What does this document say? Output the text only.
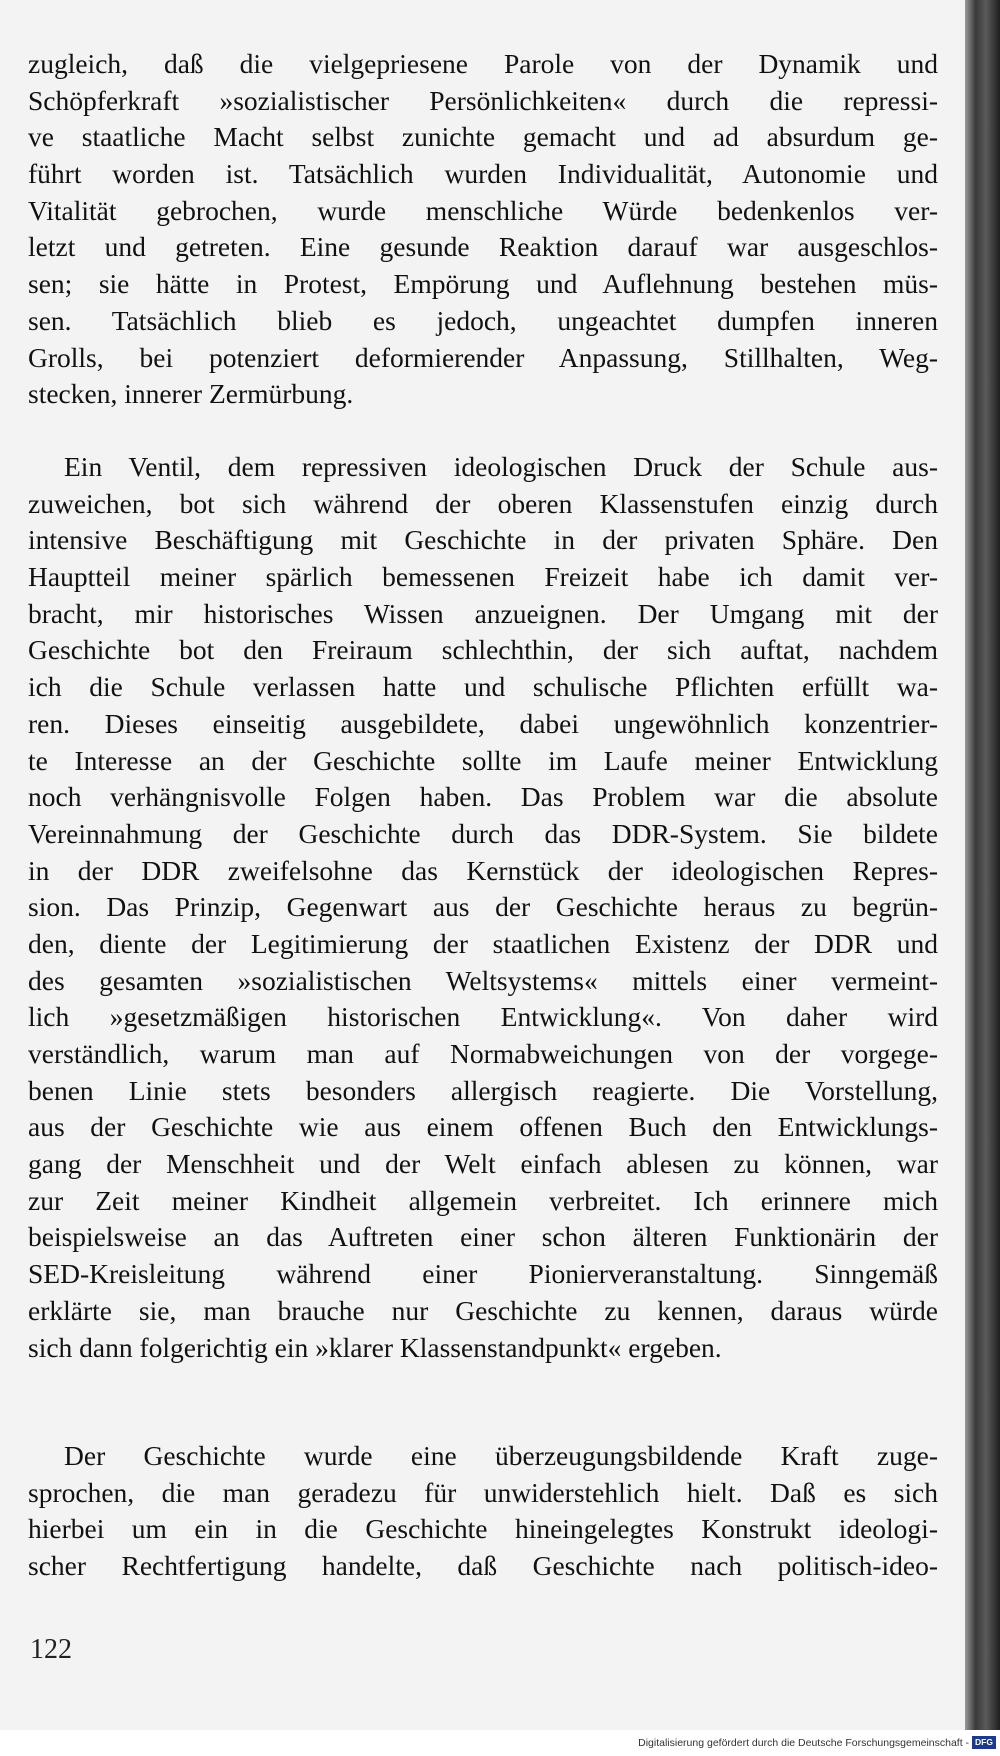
zugleich, daß die vielgepriesene Parole von der Dynamik und
Schöpferkraft »sozialistischer Persönlichkeiten« durch die repressi-
ve staatliche Macht selbst zunichte gemacht und ad absurdum ge-
führt worden ist. Tatsächlich wurden Individualität, Autonomie und
Vitalität gebrochen, wurde menschliche Würde bedenkenlos ver-
letzt und getreten. Eine gesunde Reaktion darauf war ausgeschlos-
sen; sie hätte in Protest, Empörung und Auflehnung bestehen müs-
sen. Tatsächlich blieb es jedoch, ungeachtet dumpfen inneren
Grolls, bei potenziert deformierender Anpassung, Stillhalten, Weg-
stecken, innerer Zermürbung.
Ein Ventil, dem repressiven ideologischen Druck der Schule aus-
zuweichen, bot sich während der oberen Klassenstufen einzig durch
intensive Beschäftigung mit Geschichte in der privaten Sphäre. Den
Hauptteil meiner spärlich bemessenen Freizeit habe ich damit ver-
bracht, mir historisches Wissen anzueignen. Der Umgang mit der
Geschichte bot den Freiraum schlechthin, der sich auftat, nachdem
ich die Schule verlassen hatte und schulische Pflichten erfüllt wa-
ren. Dieses einseitig ausgebildete, dabei ungewöhnlich konzentrier-
te Interesse an der Geschichte sollte im Laufe meiner Entwicklung
noch verhängnisvolle Folgen haben. Das Problem war die absolute
Vereinnahmung der Geschichte durch das DDR-System. Sie bildete
in der DDR zweifelsohne das Kernstück der ideologischen Repres-
sion. Das Prinzip, Gegenwart aus der Geschichte heraus zu begrün-
den, diente der Legitimierung der staatlichen Existenz der DDR und
des gesamten »sozialistischen Weltsystems« mittels einer vermeint-
lich »gesetzmäßigen historischen Entwicklung«. Von daher wird
verständlich, warum man auf Normabweichungen von der vorgege-
benen Linie stets besonders allergisch reagierte. Die Vorstellung,
aus der Geschichte wie aus einem offenen Buch den Entwicklungs-
gang der Menschheit und der Welt einfach ablesen zu können, war
zur Zeit meiner Kindheit allgemein verbreitet. Ich erinnere mich
beispielsweise an das Auftreten einer schon älteren Funktionärin der
SED-Kreisleitung während einer Pionierveranstaltung. Sinngemäß
erklärte sie, man brauche nur Geschichte zu kennen, daraus würde
sich dann folgerichtig ein »klarer Klassenstandpunkt« ergeben.
Der Geschichte wurde eine überzeugungsbildende Kraft zuge-
sprochen, die man geradezu für unwiderstehlich hielt. Daß es sich
hierbei um ein in die Geschichte hineingelegtes Konstrukt ideologi-
scher Rechtfertigung handelte, daß Geschichte nach politisch-ideo-

122

Digitalisierung gefördert durch die Deutsche Forschungsgemeinschaft - DFG
